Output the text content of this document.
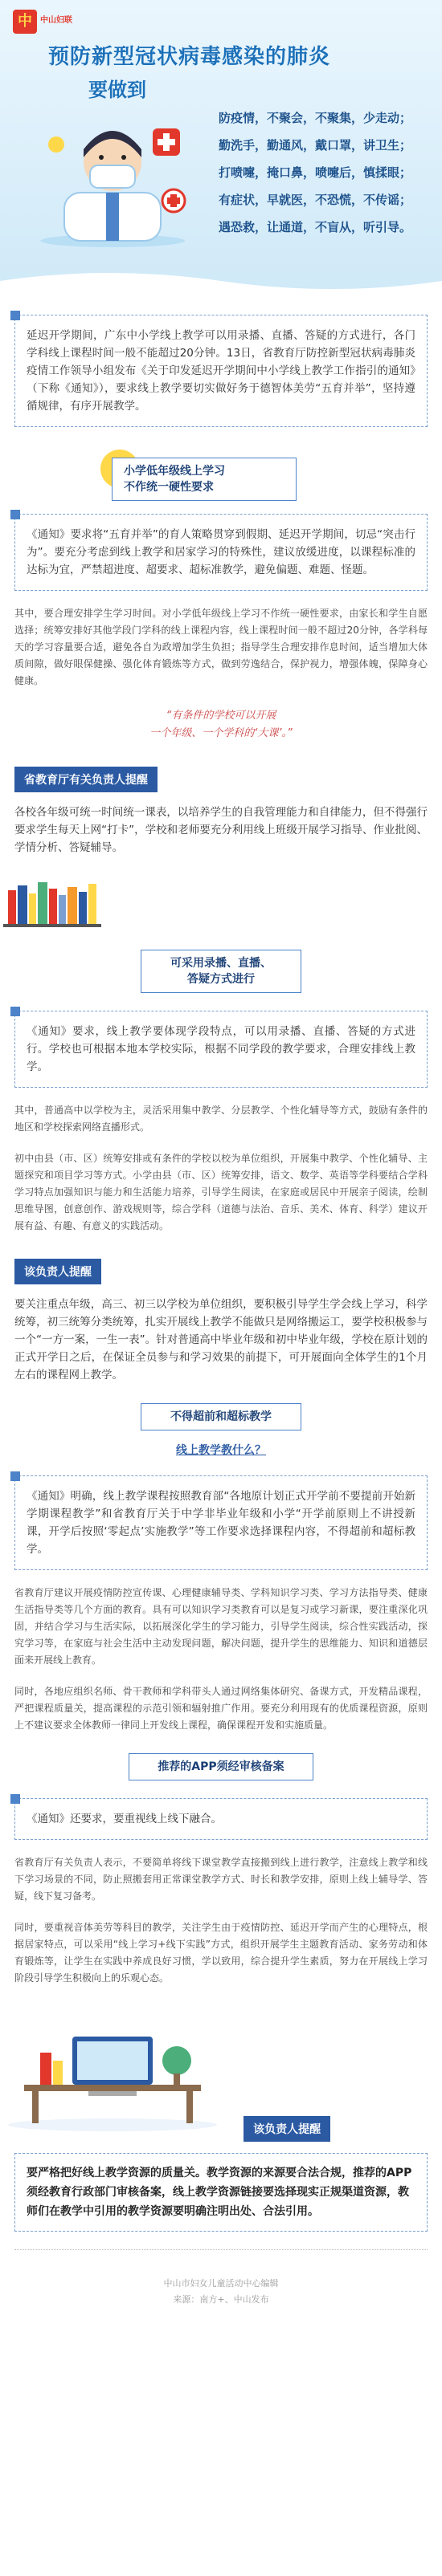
中	中山妇联
预防新型冠状病毒感染的肺炎
要做到
防疫情，不聚会，不聚集，少走动；
勤洗手，勤通风，戴口罩，讲卫生；
打喷嚏，掩口鼻，喷嚏后，慎揉眼；
有症状，早就医，不恐慌，不传谣；
遇恐救，让通道，不盲从，听引导。

延迟开学期间，广东中小学线上教学可以用录播、直播、答疑的方式进行，各门学科线上课程时间一般不能超过20分钟。13日，省教育厅防控新型冠状病毒肺炎疫情工作领导小组发布《关于印发延迟开学期间中小学线上教学工作指引的通知》（下称《通知》），要求线上教学要切实做好务于德智体美劳“五育并举”，坚持遵循规律，有序开展教学。

小学低年级线上学习
不作统一硬性要求

《通知》要求将“五育并举”的育人策略贯穿到假期、延迟开学期间，切忌“突击行为”。要充分考虑到线上教学和居家学习的特殊性，建议放缓进度，以课程标准的达标为宜，严禁超进度、超要求、超标准教学，避免偏题、难题、怪题。

其中，要合理安排学生学习时间。对小学低年级线上学习不作统一硬性要求，由家长和学生自愿选择；统筹安排好其他学段门学科的线上课程内容，线上课程时间一般不超过20分钟，各学科每天的学习容量要合适，避免各自为政增加学生负担；指导学生合理安排作息时间，适当增加大体质间隙，做好眼保健操、强化体育锻炼等方式，做到劳逸结合，保护视力，增强体魄，保障身心健康。

“有条件的学校可以开展
一个年级、一个学科的‘大课’。”
省教育厅有关负责人提醒

各校各年级可统一时间统一课表，以培养学生的自我管理能力和自律能力，但不得强行要求学生每天上网“打卡”，学校和老师要充分利用线上班级开展学习指导、作业批阅、学情分析、答疑辅导。

可采用录播、直播、
答疑方式进行

《通知》要求，线上教学要体现学段特点，可以用录播、直播、答疑的方式进行。学校也可根据本地本学校实际，根据不同学段的教学要求，合理安排线上教学。

其中，普通高中以学校为主，灵活采用集中教学、分层教学、个性化辅导等方式，鼓励有条件的地区和学校探索网络直播形式。

初中由县（市、区）统筹安排或有条件的学校以校为单位组织，开展集中教学、个性化辅导、主题探究和项目学习等方式。小学由县（市、区）统筹安排，语文、数学、英语等学科要结合学科学习特点加强知识与能力和生活能力培养，引导学生阅读，在家庭或居民中开展亲子阅读，绘制思维导图，创意创作、游戏规则等，综合学科（道德与法治、音乐、美术、体育、科学）建议开展有益、有趣、有意义的实践活动。

该负责人提醒

要关注重点年级，高三、初三以学校为单位组织，要积极引导学生学会线上学习，科学统筹，初三统筹分类统筹，扎实开展线上教学不能做只是网络搬运工，要学校积极参与一个“一方一案，一生一表”。针对普通高中毕业年级和初中毕业年级，学校在原计划的正式开学日之后，在保证全员参与和学习效果的前提下，可开展面向全体学生的1个月左右的课程网上教学。

不得超前和超标教学
线上教学教什么？

《通知》明确，线上教学课程按照教育部“各地原计划正式开学前不要提前开始新学期课程教学”和省教育厅关于中学非毕业年级和小学“开学前原则上不讲授新课，开学后按照‘零起点’实施教学”等工作要求选择课程内容，不得超前和超标教学。

省教育厅建议开展疫情防控宣传课、心理健康辅导类、学科知识学习类、学习方法指导类、健康生活指导类等几个方面的教育。具有可以知识学习类教育可以是复习或学习新课，要注重深化巩固，并结合学习与生活实际，以拓展深化学生的学习能力，引导学生阅读，综合性实践活动，探究学习等，在家庭与社会生活中主动发现问题，解决问题，提升学生的思维能力、知识和道德层面来开展线上教育。

同时，各地应组织名师、骨干教师和学科带头人通过网络集体研究、备课方式，开发精品课程，严把课程质量关，提高课程的示范引领和辐射推广作用。要充分利用现有的优质课程资源，原则上不建议要求全体教师一律同上开发线上课程，确保课程开发和实施质量。

推荐的APP须经审核备案

《通知》还要求，要重视线上线下融合。

省教育厅有关负责人表示，不要简单将线下课堂教学直接搬到线上进行教学，注意线上教学和线下学习场景的不同，防止照搬套用正常课堂教学方式、时长和教学安排，原则上线上辅导学、答疑，线下复习备考。

同时，要重视音体美劳等科目的教学，关注学生由于疫情防控、延迟开学而产生的心理特点，根据居家特点，可以采用“线上学习+线下实践”方式，组织开展学生主题教育活动、家务劳动和体育锻炼等，让学生在实践中养成良好习惯，学以致用，综合提升学生素质，努力在开展线上学习阶段引导学生积极向上的乐观心态。

该负责人提醒

要严格把好线上教学资源的质量关。教学资源的来源要合法合规，推荐的APP须经教育行政部门审核备案，线上教学资源链接要选择现实正规渠道资源，教师们在教学中引用的教学资源要明确注明出处、合法引用。

中山市妇女儿童活动中心编辑
来源：南方+、中山发布
